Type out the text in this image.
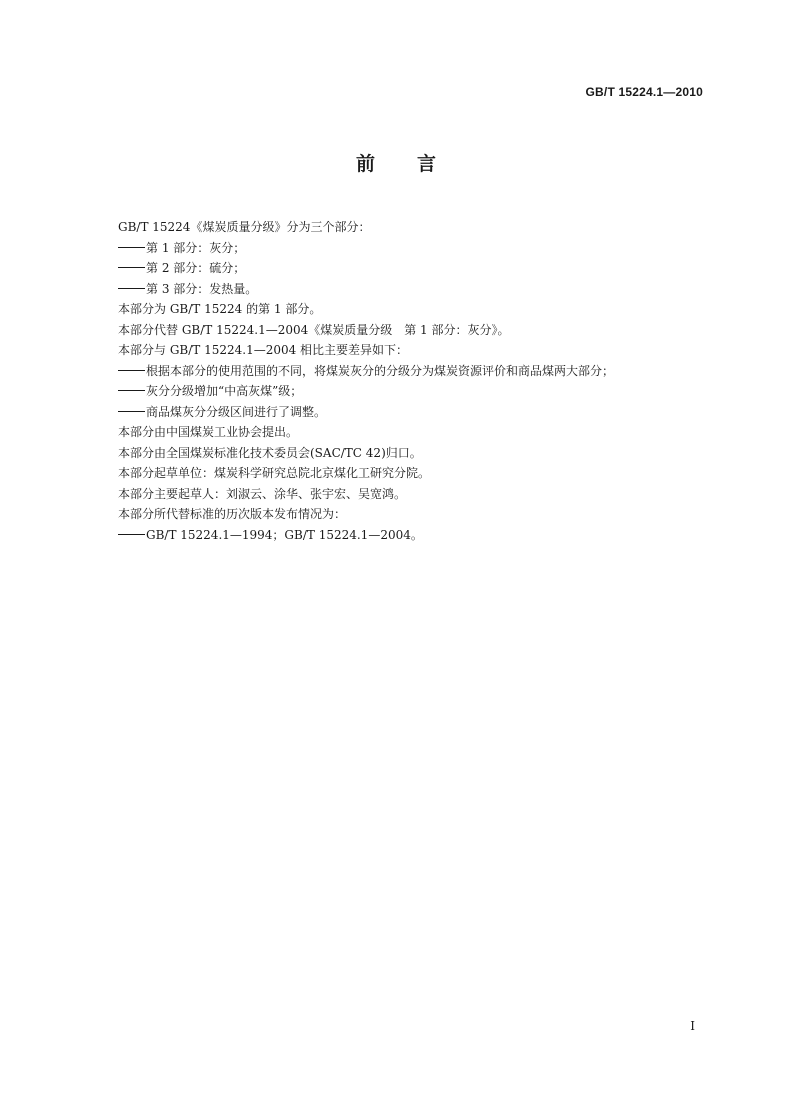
GB/T 15224.1—2010
前言
GB/T 15224《煤炭质量分级》分为三个部分：
第 1 部分：灰分；
第 2 部分：硫分；
第 3 部分：发热量。
本部分为 GB/T 15224 的第 1 部分。
本部分代替 GB/T 15224.1—2004《煤炭质量分级　第 1 部分：灰分》。
本部分与 GB/T 15224.1—2004 相比主要差异如下：
根据本部分的使用范围的不同，将煤炭灰分的分级分为煤炭资源评价和商品煤两大部分；
灰分分级增加“中高灰煤”级；
商品煤灰分分级区间进行了调整。
本部分由中国煤炭工业协会提出。
本部分由全国煤炭标准化技术委员会(SAC/TC 42)归口。
本部分起草单位：煤炭科学研究总院北京煤化工研究分院。
本部分主要起草人：刘淑云、涂华、张宇宏、吴宽鸿。
本部分所代替标准的历次版本发布情况为：
GB/T 15224.1—1994；GB/T 15224.1—2004。
I
